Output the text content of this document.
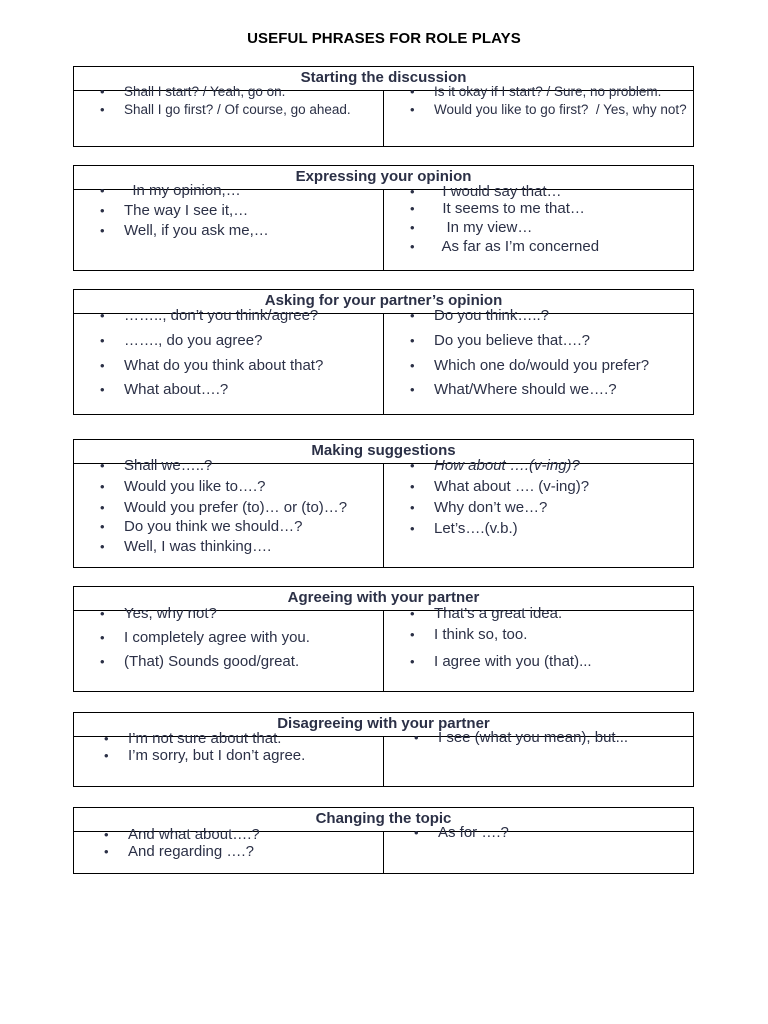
USEFUL PHRASES FOR ROLE PLAYS
Starting the discussion
•	Shall I start? / Yeah, go on.
•	Shall I go first? / Of course, go ahead.
•	Is it okay if I start? / Sure, no problem.
•	Would you like to go first?  / Yes, why not?
Expressing your opinion
•	In my opinion,…
•	The way I see it,…
•	Well, if you ask me,…
•	I would say that…
•	It seems to me that…
•	In my view…
•	As far as I’m concerned
Asking for your partner’s opinion
•	…….., don’t you think/agree?
•	……., do you agree?
•	What do you think about that?
•	What about….?
•	Do you think…..?
•	Do you believe that….?
•	Which one do/would you prefer?
•	What/Where should we….?
Making suggestions
•	Shall we…..?
•	Would you like to….?
•	Would you prefer (to)… or (to)…?
•	Do you think we should…?
•	Well, I was thinking….
•	How about ….(v-ing)?
•	What about …. (v-ing)?
•	Why don’t we…?
•	Let’s….(v.b.)
Agreeing with your partner
•	Yes, why not?
•	I completely agree with you.
•	(That) Sounds good/great.
•	That’s a great idea.
•	I think so, too.
•	I agree with you (that)...
Disagreeing with your partner
•	I’m not sure about that.
•	I’m sorry, but I don’t agree.
•	I see (what you mean), but...
Changing the topic
•	And what about….?
•	And regarding ….?
•	As for ….?
